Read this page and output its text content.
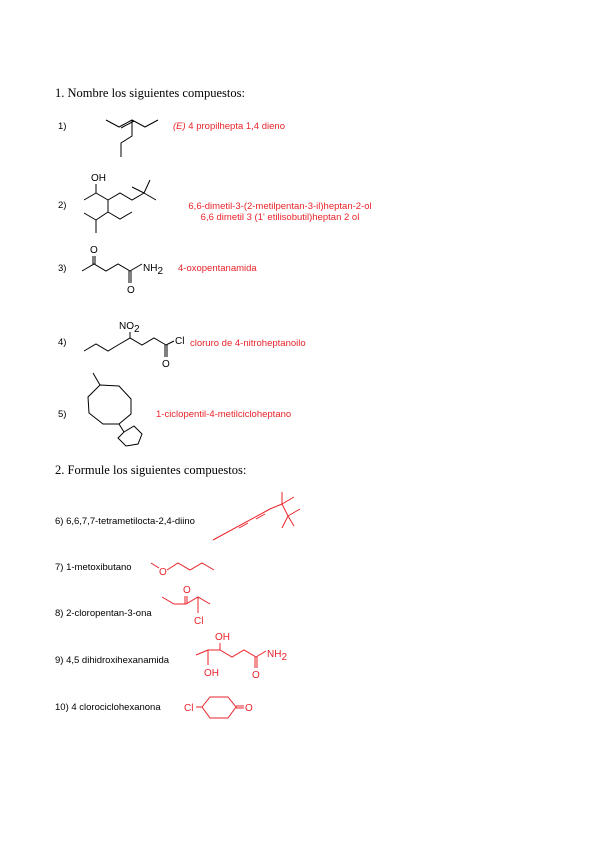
1. Nombre los siguientes compuestos:
1)	(E) 4 propilhepta 1,4 dieno
2)
OH
6,6-dimetil-3-(2-metilpentan-3-il)heptan-2-ol
6,6 dimetil 3 (1' etilisobutil)heptan 2 ol
3)
O
O
NH2 4-oxopentanamida
4)
NO2
Cl
O
cloruro de 4-nitroheptanoilo
5)	1-ciclopentil-4-metilcicloheptano
2. Formule los siguientes compuestos:
6) 6,6,7,7-tetrametilocta-2,4-diino
7) 1-metoxibutano	O
8) 2-cloropentan-3-ona
O
Cl
9) 4,5 dihidroxihexanamida
OH
OH	O
NH2
10) 4 clorociclohexanona Cl	O
